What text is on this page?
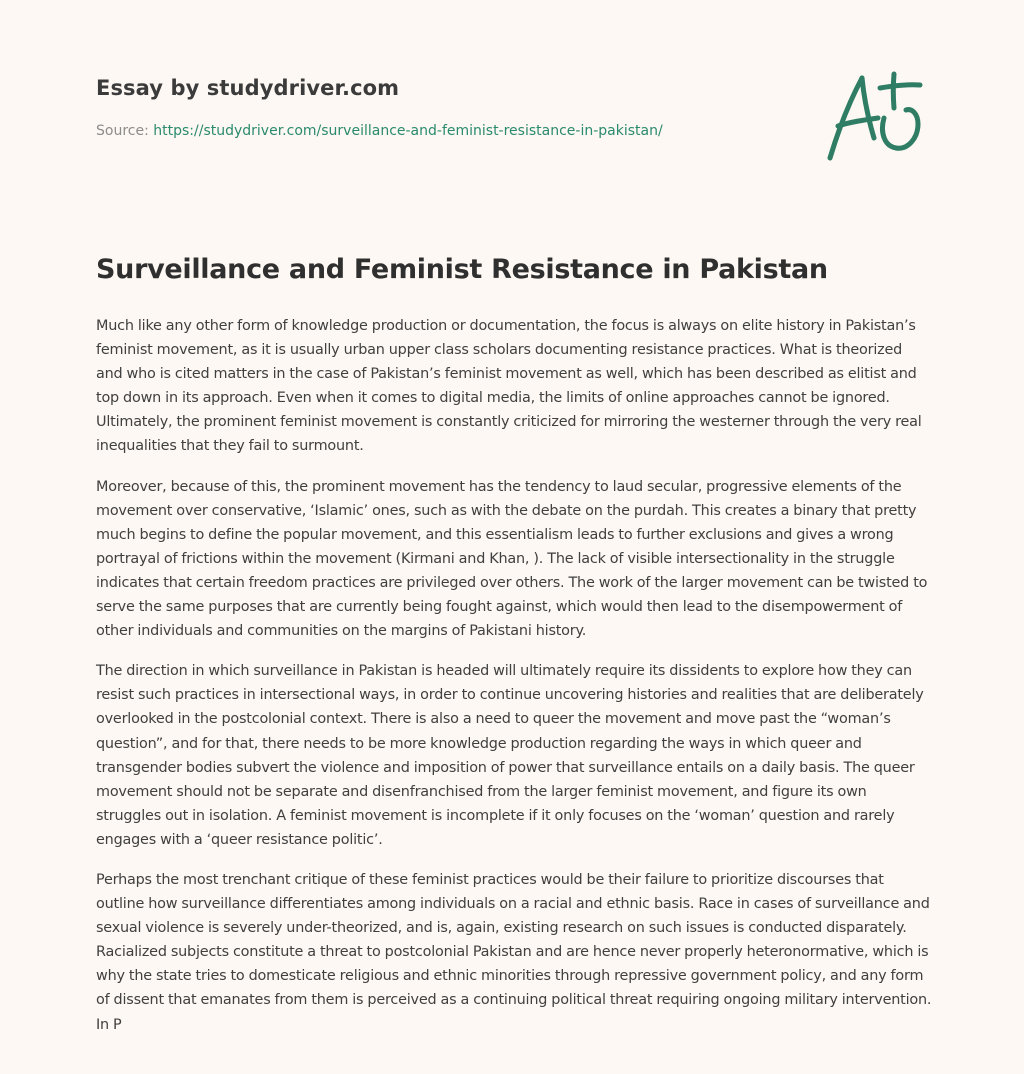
Essay by studydriver.com
Source: https://studydriver.com/surveillance-and-feminist-resistance-in-pakistan/
Surveillance and Feminist Resistance in Pakistan

Much like any other form of knowledge production or documentation, the focus is always on elite history in Pakistan’s feminist movement, as it is usually urban upper class scholars documenting resistance practices. What is theorized and who is cited matters in the case of Pakistan’s feminist movement as well, which has been described as elitist and top down in its approach. Even when it comes to digital media, the limits of online approaches cannot be ignored. Ultimately, the prominent feminist movement is constantly criticized for mirroring the westerner through the very real inequalities that they fail to surmount.

Moreover, because of this, the prominent movement has the tendency to laud secular, progressive elements of the movement over conservative, ‘Islamic’ ones, such as with the debate on the purdah. This creates a binary that pretty much begins to define the popular movement, and this essentialism leads to further exclusions and gives a wrong portrayal of frictions within the movement (Kirmani and Khan, ). The lack of visible intersectionality in the struggle indicates that certain freedom practices are privileged over others. The work of the larger movement can be twisted to serve the same purposes that are currently being fought against, which would then lead to the disempowerment of other individuals and communities on the margins of Pakistani history.

The direction in which surveillance in Pakistan is headed will ultimately require its dissidents to explore how they can resist such practices in intersectional ways, in order to continue uncovering histories and realities that are deliberately overlooked in the postcolonial context. There is also a need to queer the movement and move past the “woman’s question”, and for that, there needs to be more knowledge production regarding the ways in which queer and transgender bodies subvert the violence and imposition of power that surveillance entails on a daily basis. The queer movement should not be separate and disenfranchised from the larger feminist movement, and figure its own struggles out in isolation. A feminist movement is incomplete if it only focuses on the ‘woman’ question and rarely engages with a ‘queer resistance politic’.

Perhaps the most trenchant critique of these feminist practices would be their failure to prioritize discourses that outline how surveillance differentiates among individuals on a racial and ethnic basis. Race in cases of surveillance and sexual violence is severely under-theorized, and is, again, existing research on such issues is conducted disparately. Racialized subjects constitute a threat to postcolonial Pakistan and are hence never properly heteronormative, which is why the state tries to domesticate religious and ethnic minorities through repressive government policy, and any form of dissent that emanates from them is perceived as a continuing political threat requiring ongoing military intervention. In P
